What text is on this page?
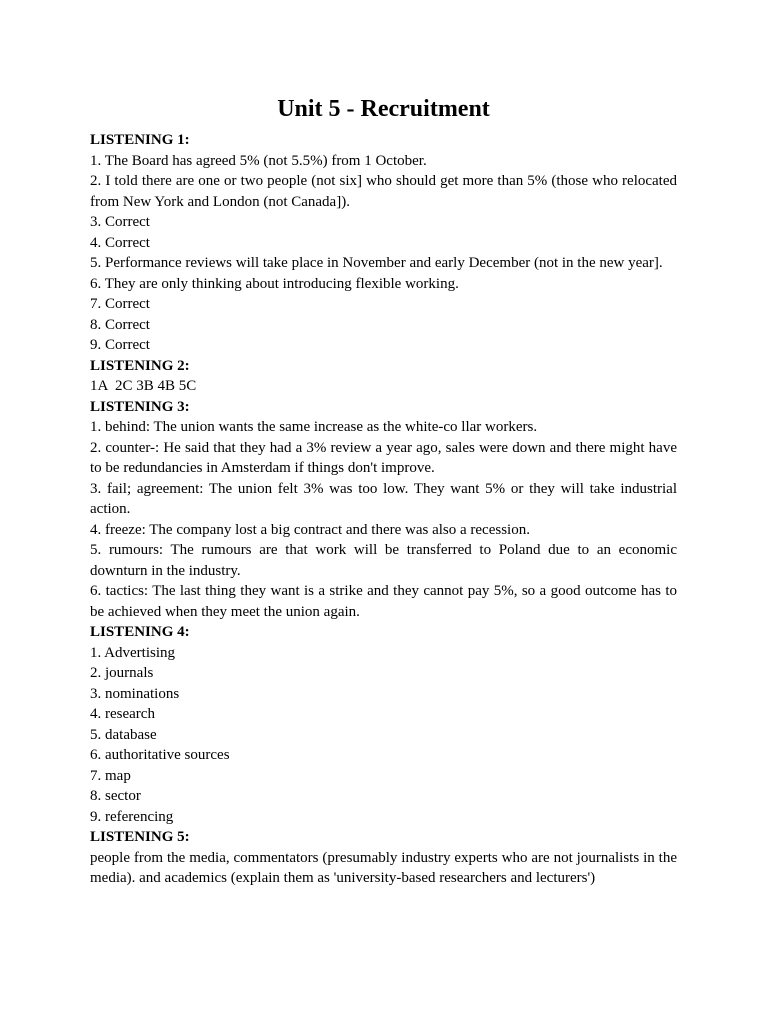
Unit 5 - Recruitment
LISTENING 1:
1. The Board has agreed 5% (not 5.5%) from 1 October.
2. I told there are one or two people (not six] who should get more than 5% (those who relocated from New York and London (not Canada]).
3. Correct
4. Correct
5. Performance reviews will take place in November and early December (not in the new year].
6. They are only thinking about introducing flexible working.
7. Correct
8. Correct
9. Correct
LISTENING 2:
1A  2C 3B 4B 5C
LISTENING 3:
1. behind: The union wants the same increase as the white-co llar workers.
2. counter-: He said that they had a 3% review a year ago, sales were down and there might have to be redundancies in Amsterdam if things don't improve.
3. fail; agreement: The union felt 3% was too low. They want 5% or they will take industrial action.
4. freeze: The company lost a big contract and there was also a recession.
5. rumours: The rumours are that work will be transferred to Poland due to an economic downturn in the industry.
6. tactics: The last thing they want is a strike and they cannot pay 5%, so a good outcome has to be achieved when they meet the union again.
LISTENING 4:
1. Advertising
2. journals
3. nominations
4. research
5. database
6. authoritative sources
7. map
8. sector
9. referencing
LISTENING 5:
people from the media, commentators (presumably industry experts who are not journalists in the media). and academics (explain them as 'university-based researchers and lecturers')
